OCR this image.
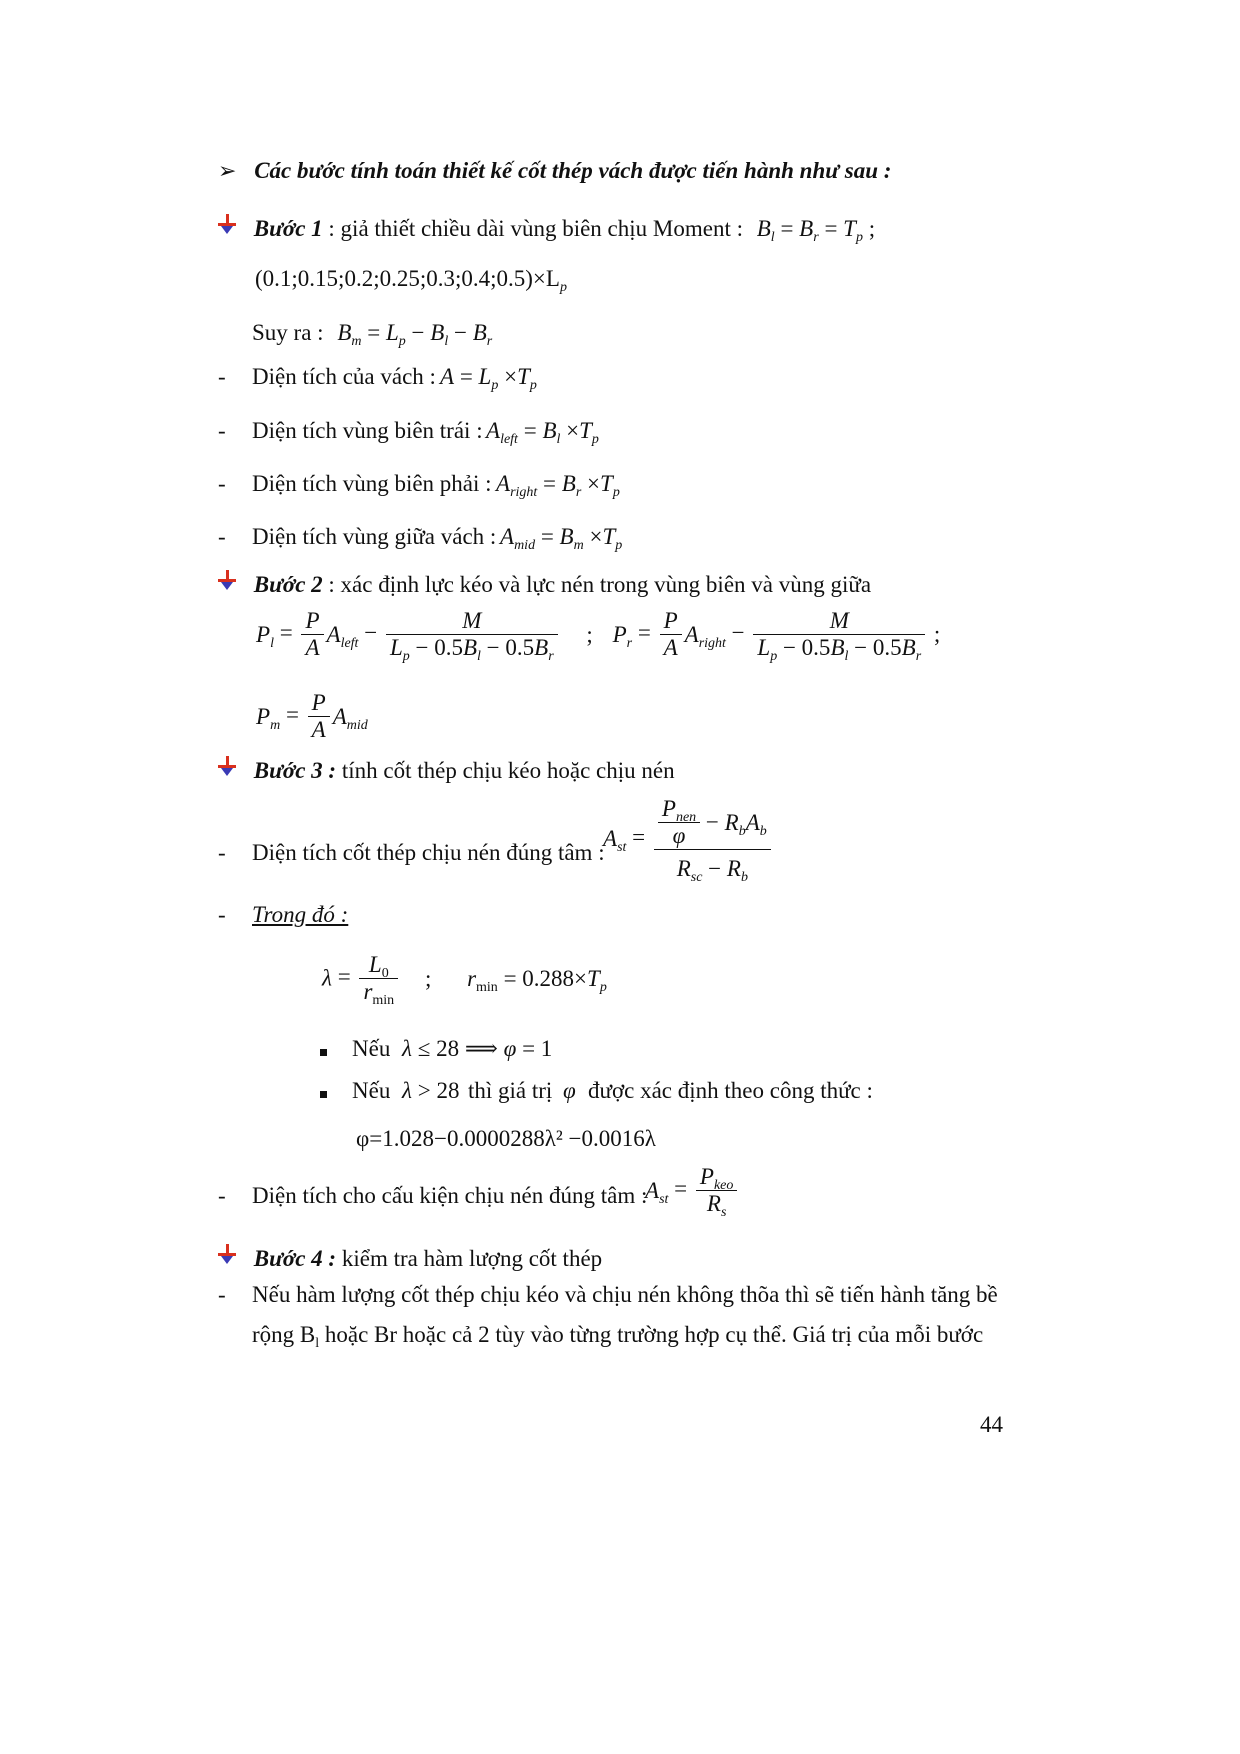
➢ Các bước tính toán thiết kế cốt thép vách được tiến hành như sau :
Bước 1 : giả thiết chiều dài vùng biên chịu Moment : $B_l = B_r = T_p$ ;
$(0.1;0.15;0.2;0.25;0.3;0.4;0.5)\times L_p$
Suy ra : $B_m = L_p - B_l - B_r$
- Diện tích của vách : $A = L_p \times T_p$
- Diện tích vùng biên trái : $A_{left} = B_l \times T_p$
- Diện tích vùng biên phải : $A_{right} = B_r \times T_p$
- Diện tích vùng giữa vách : $A_{mid} = B_m \times T_p$
Bước 2 : xác định lực kéo và lực nén trong vùng biên và vùng giữa
$P_l = \frac{P}{A} A_{left} - \frac{M}{L_p - 0.5B_l - 0.5B_r}$ ; $P_r = \frac{P}{A} A_{right} - \frac{M}{L_p - 0.5B_l - 0.5B_r}$ ;
$P_m = \frac{P}{A} A_{mid}$
Bước 3 : tính cốt thép chịu kéo hoặc chịu nén
- Diện tích cốt thép chịu nén đúng tâm :
$A_{st} = \frac{\frac{P_{nen}}{\varphi} - R_bA_b}{R_{sc} - R_b}$
- Trong đó :
$\lambda = \frac{L_0}{r_{min}}$ ; $r_{min} = 0.288\times T_p$
Nếu λ ≤ 28 ⟹ φ = 1
Nếu λ > 28 thì giá trị φ được xác định theo công thức :
φ=1.028−0.0000288λ² −0.0016λ
- Diện tích cho cấu kiện chịu nén đúng tâm :
$A_{st} = \frac{P_{keo}}{R_s}$
Bước 4 : kiểm tra hàm lượng cốt thép
- Nếu hàm lượng cốt thép chịu kéo và chịu nén không thõa thì sẽ tiến hành tăng bề
rộng $B_l$ hoặc Br hoặc cả 2 tùy vào từng trường hợp cụ thể. Giá trị của mỗi bước
44
